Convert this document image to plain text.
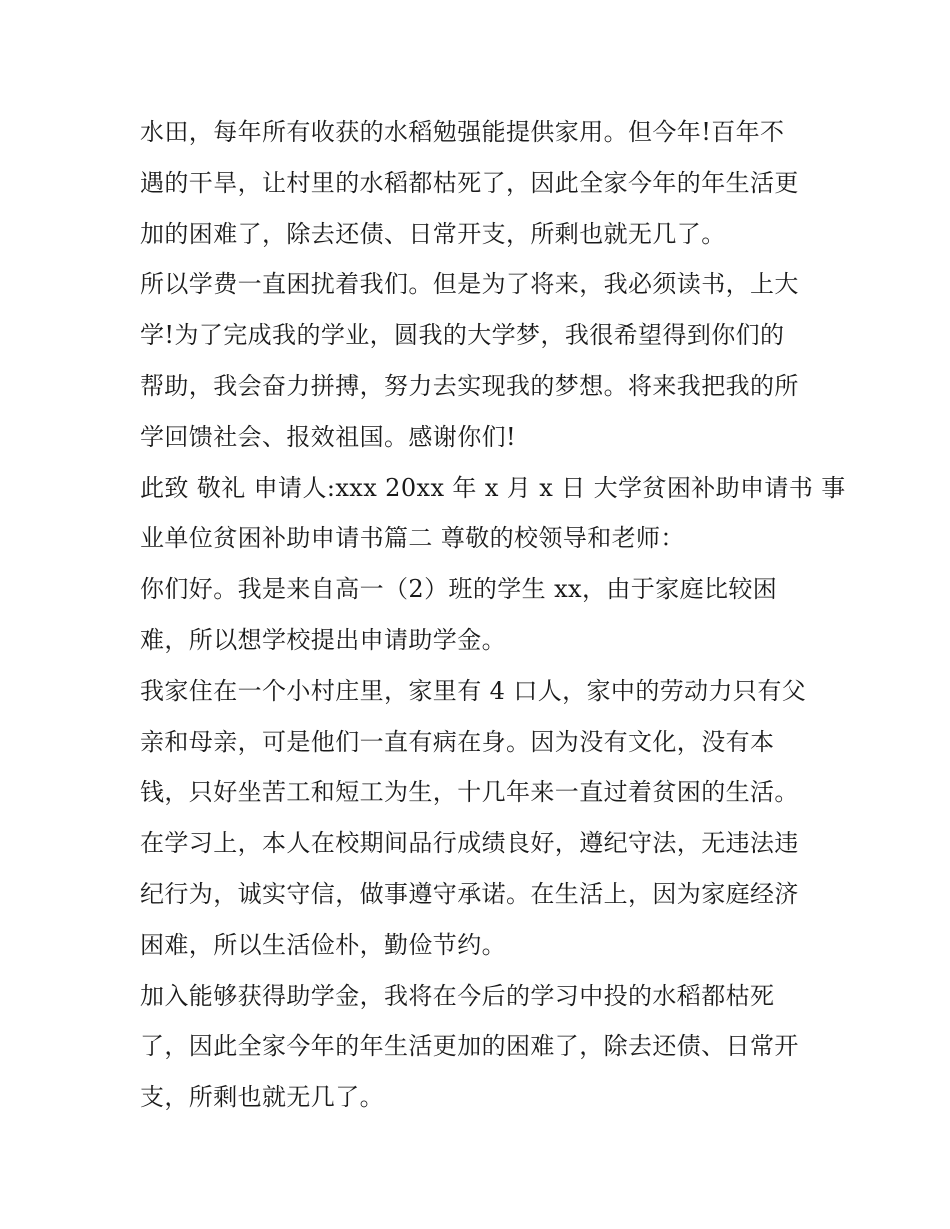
水田，每年所有收获的水稻勉强能提供家用。但今年!百年不
遇的干旱，让村里的水稻都枯死了，因此全家今年的年生活更
加的困难了，除去还债、日常开支，所剩也就无几了。
所以学费一直困扰着我们。但是为了将来，我必须读书，上大
学!为了完成我的学业，圆我的大学梦，我很希望得到你们的
帮助，我会奋力拼搏，努力去实现我的梦想。将来我把我的所
学回馈社会、报效祖国。感谢你们!
此致 敬礼 申请人:xxx 20xx 年 x 月 x 日 大学贫困补助申请书 事
业单位贫困补助申请书篇二 尊敬的校领导和老师：
你们好。我是来自高一（2）班的学生 xx，由于家庭比较困
难，所以想学校提出申请助学金。
我家住在一个小村庄里，家里有 4 口人，家中的劳动力只有父
亲和母亲，可是他们一直有病在身。因为没有文化，没有本
钱，只好坐苦工和短工为生，十几年来一直过着贫困的生活。
在学习上，本人在校期间品行成绩良好，遵纪守法，无违法违
纪行为，诚实守信，做事遵守承诺。在生活上，因为家庭经济
困难，所以生活俭朴，勤俭节约。
加入能够获得助学金，我将在今后的学习中投的水稻都枯死
了，因此全家今年的年生活更加的困难了，除去还债、日常开
支，所剩也就无几了。
